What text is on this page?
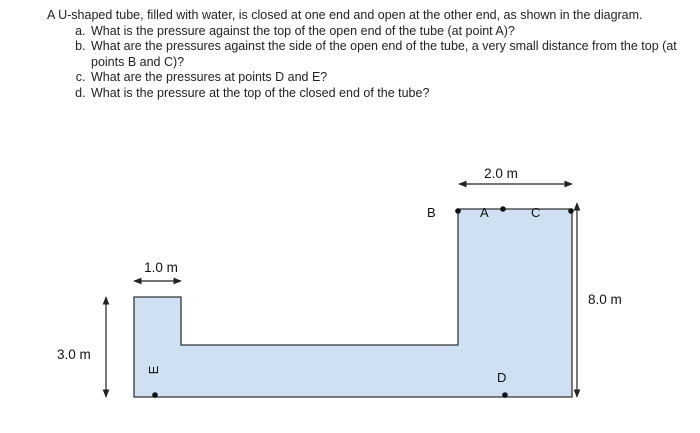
A U-shaped tube, filled with water, is closed at one end and open at the other end, as shown in the diagram.

a. What is the pressure against the top of the open end of the tube (at point A)?
b. What are the pressures against the side of the open end of the tube, a very small distance from the top (at points B and C)?
c. What are the pressures at points D and E?
d. What is the pressure at the top of the closed end of the tube?
2.0 m
1.0 m
8.0 m
3.0 m
B	A	C
D
E
